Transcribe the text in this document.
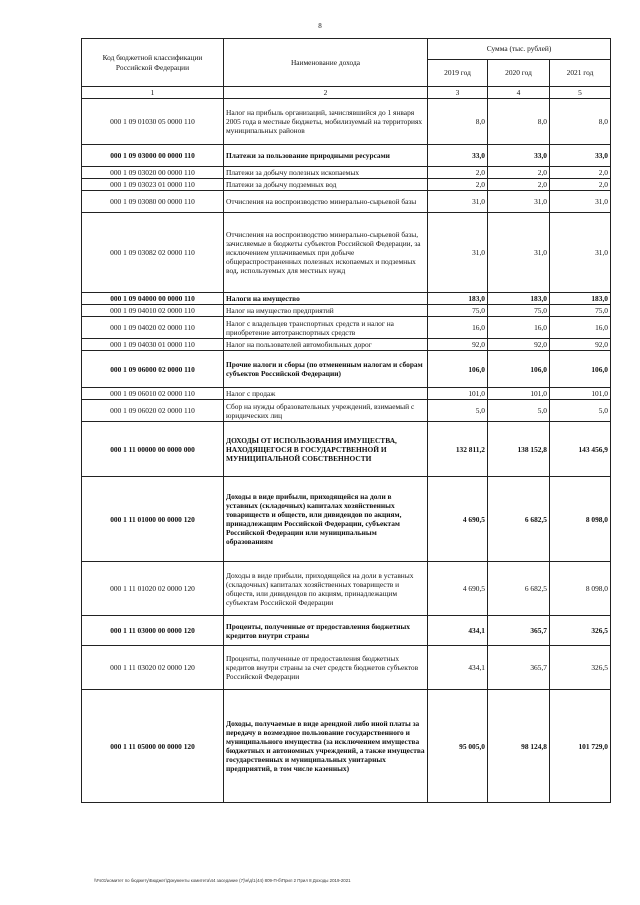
8
Код бюджетной классификации Российской Федерации	Наименование дохода	Сумма (тыс. рублей)		
		2019 год	2020 год	2021 год
1	2	3	4	5
000 1 09 01030 05 0000 110	Налог на прибыль организаций, зачислявшийся до 1 января 2005 года в местные бюджеты, мобилизуемый на территориях муниципальных районов	8,0	8,0	8,0
000 1 09 03000 00 0000 110	Платежи за пользование природными ресурсами	33,0	33,0	33,0
000 1 09 03020 00 0000 110	Платежи за добычу полезных ископаемых	2,0	2,0	2,0
000 1 09 03023 01 0000 110	Платежи за добычу подземных вод	2,0	2,0	2,0
000 1 09 03080 00 0000 110	Отчисления на воспроизводство минерально-сырьевой базы	31,0	31,0	31,0
000 1 09 03082 02 0000 110	Отчисления на воспроизводство минерально-сырьевой базы, зачисляемые в бюджеты субъектов Российской Федерации, за исключением уплачиваемых при добыче общераспространенных полезных ископаемых и подземных вод, используемых для местных нужд	31,0	31,0	31,0
000 1 09 04000 00 0000 110	Налоги на имущество	183,0	183,0	183,0
000 1 09 04010 02 0000 110	Налог на имущество предприятий	75,0	75,0	75,0
000 1 09 04020 02 0000 110	Налог с владельцев транспортных средств и налог на приобретение автотранспортных средств	16,0	16,0	16,0
000 1 09 04030 01 0000 110	Налог на пользователей автомобильных дорог	92,0	92,0	92,0
000 1 09 06000 02 0000 110	Прочие налоги и сборы (по отмененным налогам и сборам субъектов Российской Федерации)	106,0	106,0	106,0
000 1 09 06010 02 0000 110	Налог с продаж	101,0	101,0	101,0
000 1 09 06020 02 0000 110	Сбор на нужды образовательных учреждений, взимаемый с юридических лиц	5,0	5,0	5,0
000 1 11 00000 00 0000 000	ДОХОДЫ ОТ ИСПОЛЬЗОВАНИЯ ИМУЩЕСТВА, НАХОДЯЩЕГОСЯ В ГОСУДАРСТВЕННОЙ И МУНИЦИПАЛЬНОЙ СОБСТВЕННОСТИ	132 811,2	138 152,8	143 456,9
000 1 11 01000 00 0000 120	Доходы в виде прибыли, приходящейся на доли в уставных (складочных) капиталах хозяйственных товариществ и обществ, или дивидендов по акциям, принадлежащим Российской Федерации, субъектам Российской Федерации или муниципальным образованиям	4 690,5	6 682,5	8 098,0
000 1 11 01020 02 0000 120	Доходы в виде прибыли, приходящейся на доли в уставных (складочных) капиталах хозяйственных товариществ и обществ, или дивидендов по акциям, принадлежащим субъектам Российской Федерации	4 690,5	6 682,5	8 098,0
000 1 11 03000 00 0000 120	Проценты, полученные от предоставления бюджетных кредитов внутри страны	434,1	365,7	326,5
000 1 11 03020 02 0000 120	Проценты, полученные от предоставления бюджетных кредитов внутри страны за счет средств бюджетов субъектов Российской Федерации	434,1	365,7	326,5
000 1 11 05000 00 0000 120	Доходы, получаемые в виде арендной либо иной платы за передачу в возмездное пользование государственного и муниципального имущества (за исключением имущества бюджетных и автономных учреждений, а также имущества государственных и муниципальных унитарных предприятий, в том числе казенных)	95 005,0	98 124,8	101 729,0
\\Fs01\комитет по бюджету\Бюджет\Документы комитета\44 заседание (7)\н\д\1(44) 809-П-б\Прил 2 Прил 8 Доходы 2019-2021
